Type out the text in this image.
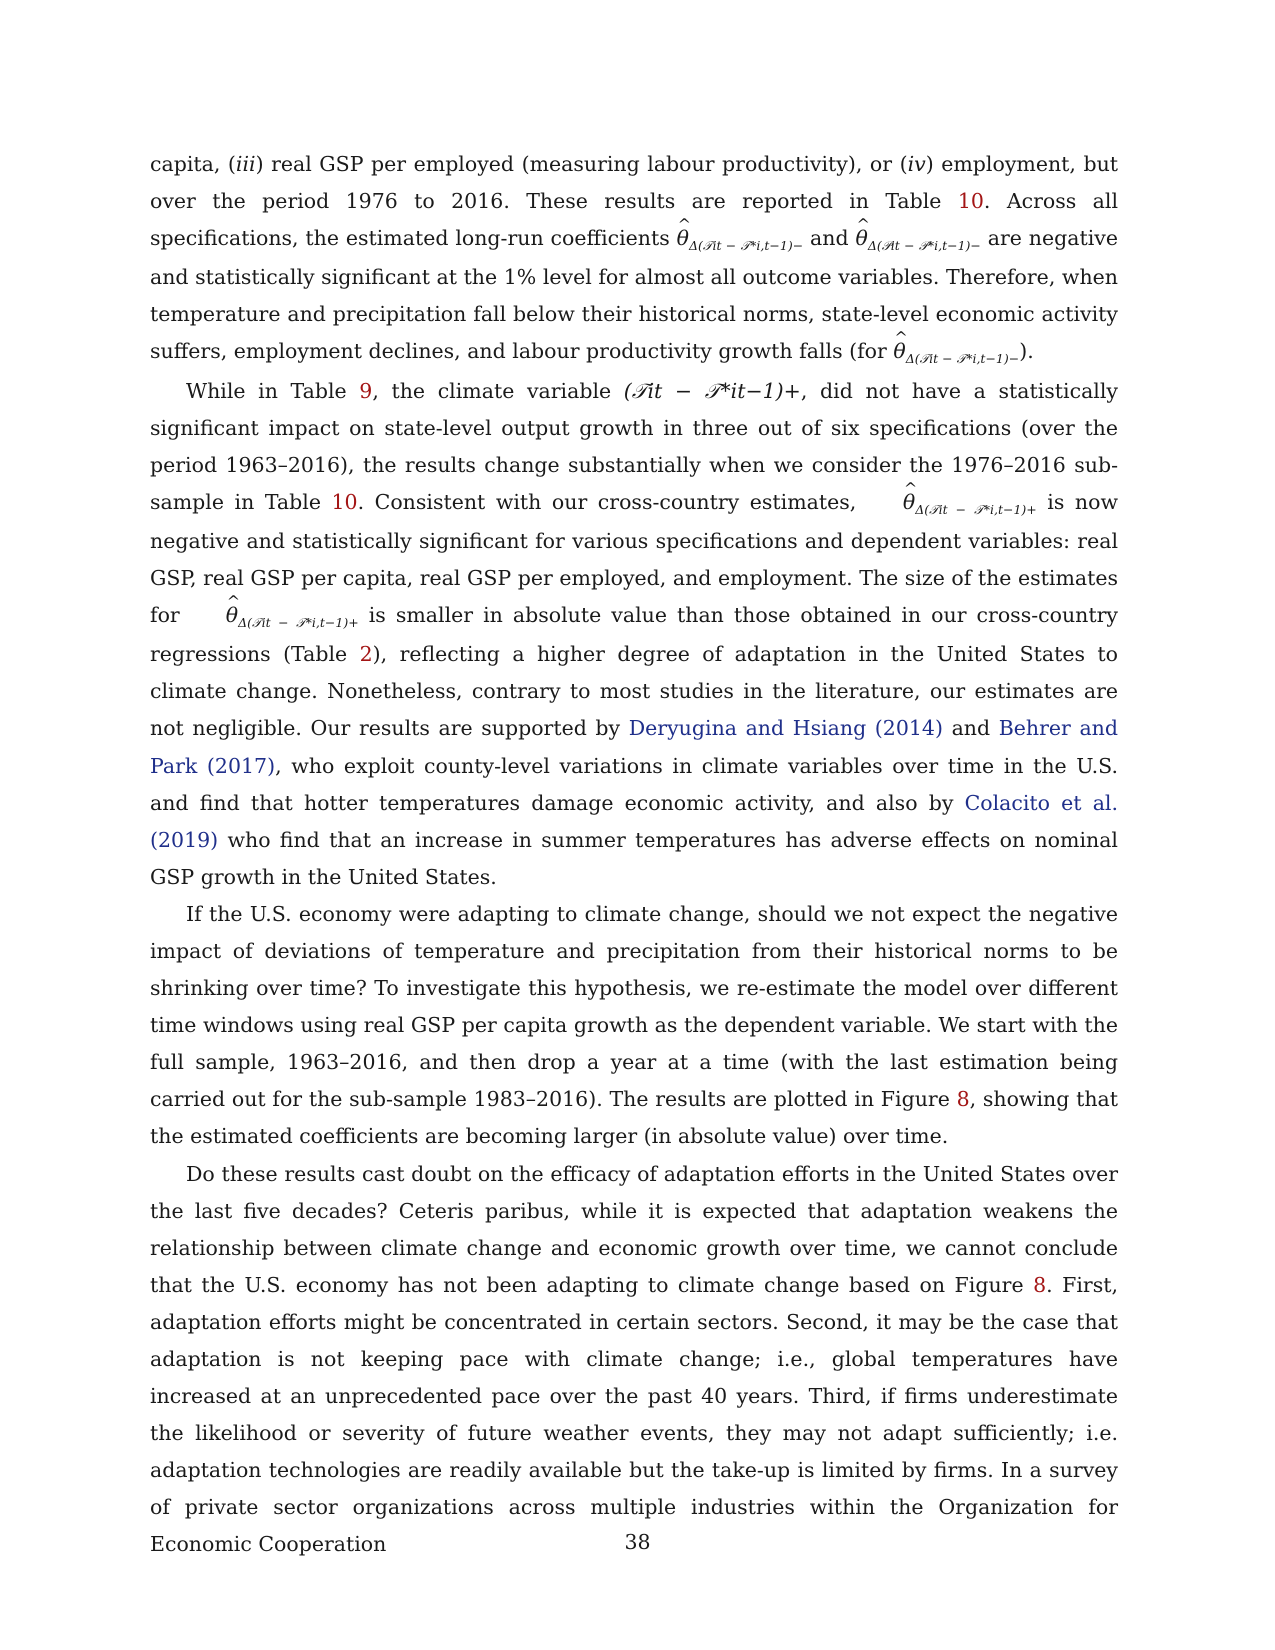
capita, (iii) real GSP per employed (measuring labour productivity), or (iv) employment, but over the period 1976 to 2016. These results are reported in Table 10. Across all specifications, the estimated long-run coefficients ^ $\theta_{\Delta(𝒯it - 𝒯*i,t-1)-}$ and ^ $\theta_{\Delta(𝒫it - 𝒫*i,t-1)-}$ are negative and statistically significant at the 1% level for almost all outcome variables. Therefore, when temperature and precipitation fall below their historical norms, state-level economic activity suffers, employment declines, and labour productivity growth falls (for ^ $\theta_{\Delta(𝒯it - 𝒯*i,t-1)-}$).

While in Table 9, the climate variable (𝒯it − 𝒯*it−1)+, did not have a statistically significant impact on state-level output growth in three out of six specifications (over the period 1963–2016), the results change substantially when we consider the 1976–2016 sub-sample in Table 10. Consistent with our cross-country estimates, ^ $\theta_{\Delta(𝒯it - 𝒯*i,t-1)+}$ is now negative and statistically significant for various specifications and dependent variables: real GSP, real GSP per capita, real GSP per employed, and employment. The size of the estimates for ^ $\theta_{\Delta(𝒯it - 𝒯*i,t-1)+}$ is smaller in absolute value than those obtained in our cross-country regressions (Table 2), reflecting a higher degree of adaptation in the United States to climate change. Nonetheless, contrary to most studies in the literature, our estimates are not negligible. Our results are supported by Deryugina and Hsiang (2014) and Behrer and Park (2017), who exploit county-level variations in climate variables over time in the U.S. and find that hotter temperatures damage economic activity, and also by Colacito et al. (2019) who find that an increase in summer temperatures has adverse effects on nominal GSP growth in the United States.

If the U.S. economy were adapting to climate change, should we not expect the negative impact of deviations of temperature and precipitation from their historical norms to be shrinking over time? To investigate this hypothesis, we re-estimate the model over different time windows using real GSP per capita growth as the dependent variable. We start with the full sample, 1963–2016, and then drop a year at a time (with the last estimation being carried out for the sub-sample 1983–2016). The results are plotted in Figure 8, showing that the estimated coefficients are becoming larger (in absolute value) over time.

Do these results cast doubt on the efficacy of adaptation efforts in the United States over the last five decades? Ceteris paribus, while it is expected that adaptation weakens the relationship between climate change and economic growth over time, we cannot conclude that the U.S. economy has not been adapting to climate change based on Figure 8. First, adaptation efforts might be concentrated in certain sectors. Second, it may be the case that adaptation is not keeping pace with climate change; i.e., global temperatures have increased at an unprecedented pace over the past 40 years. Third, if firms underestimate the likelihood or severity of future weather events, they may not adapt sufficiently; i.e. adaptation technologies are readily available but the take-up is limited by firms. In a survey of private sector organizations across multiple industries within the Organization for Economic Cooperation	38
